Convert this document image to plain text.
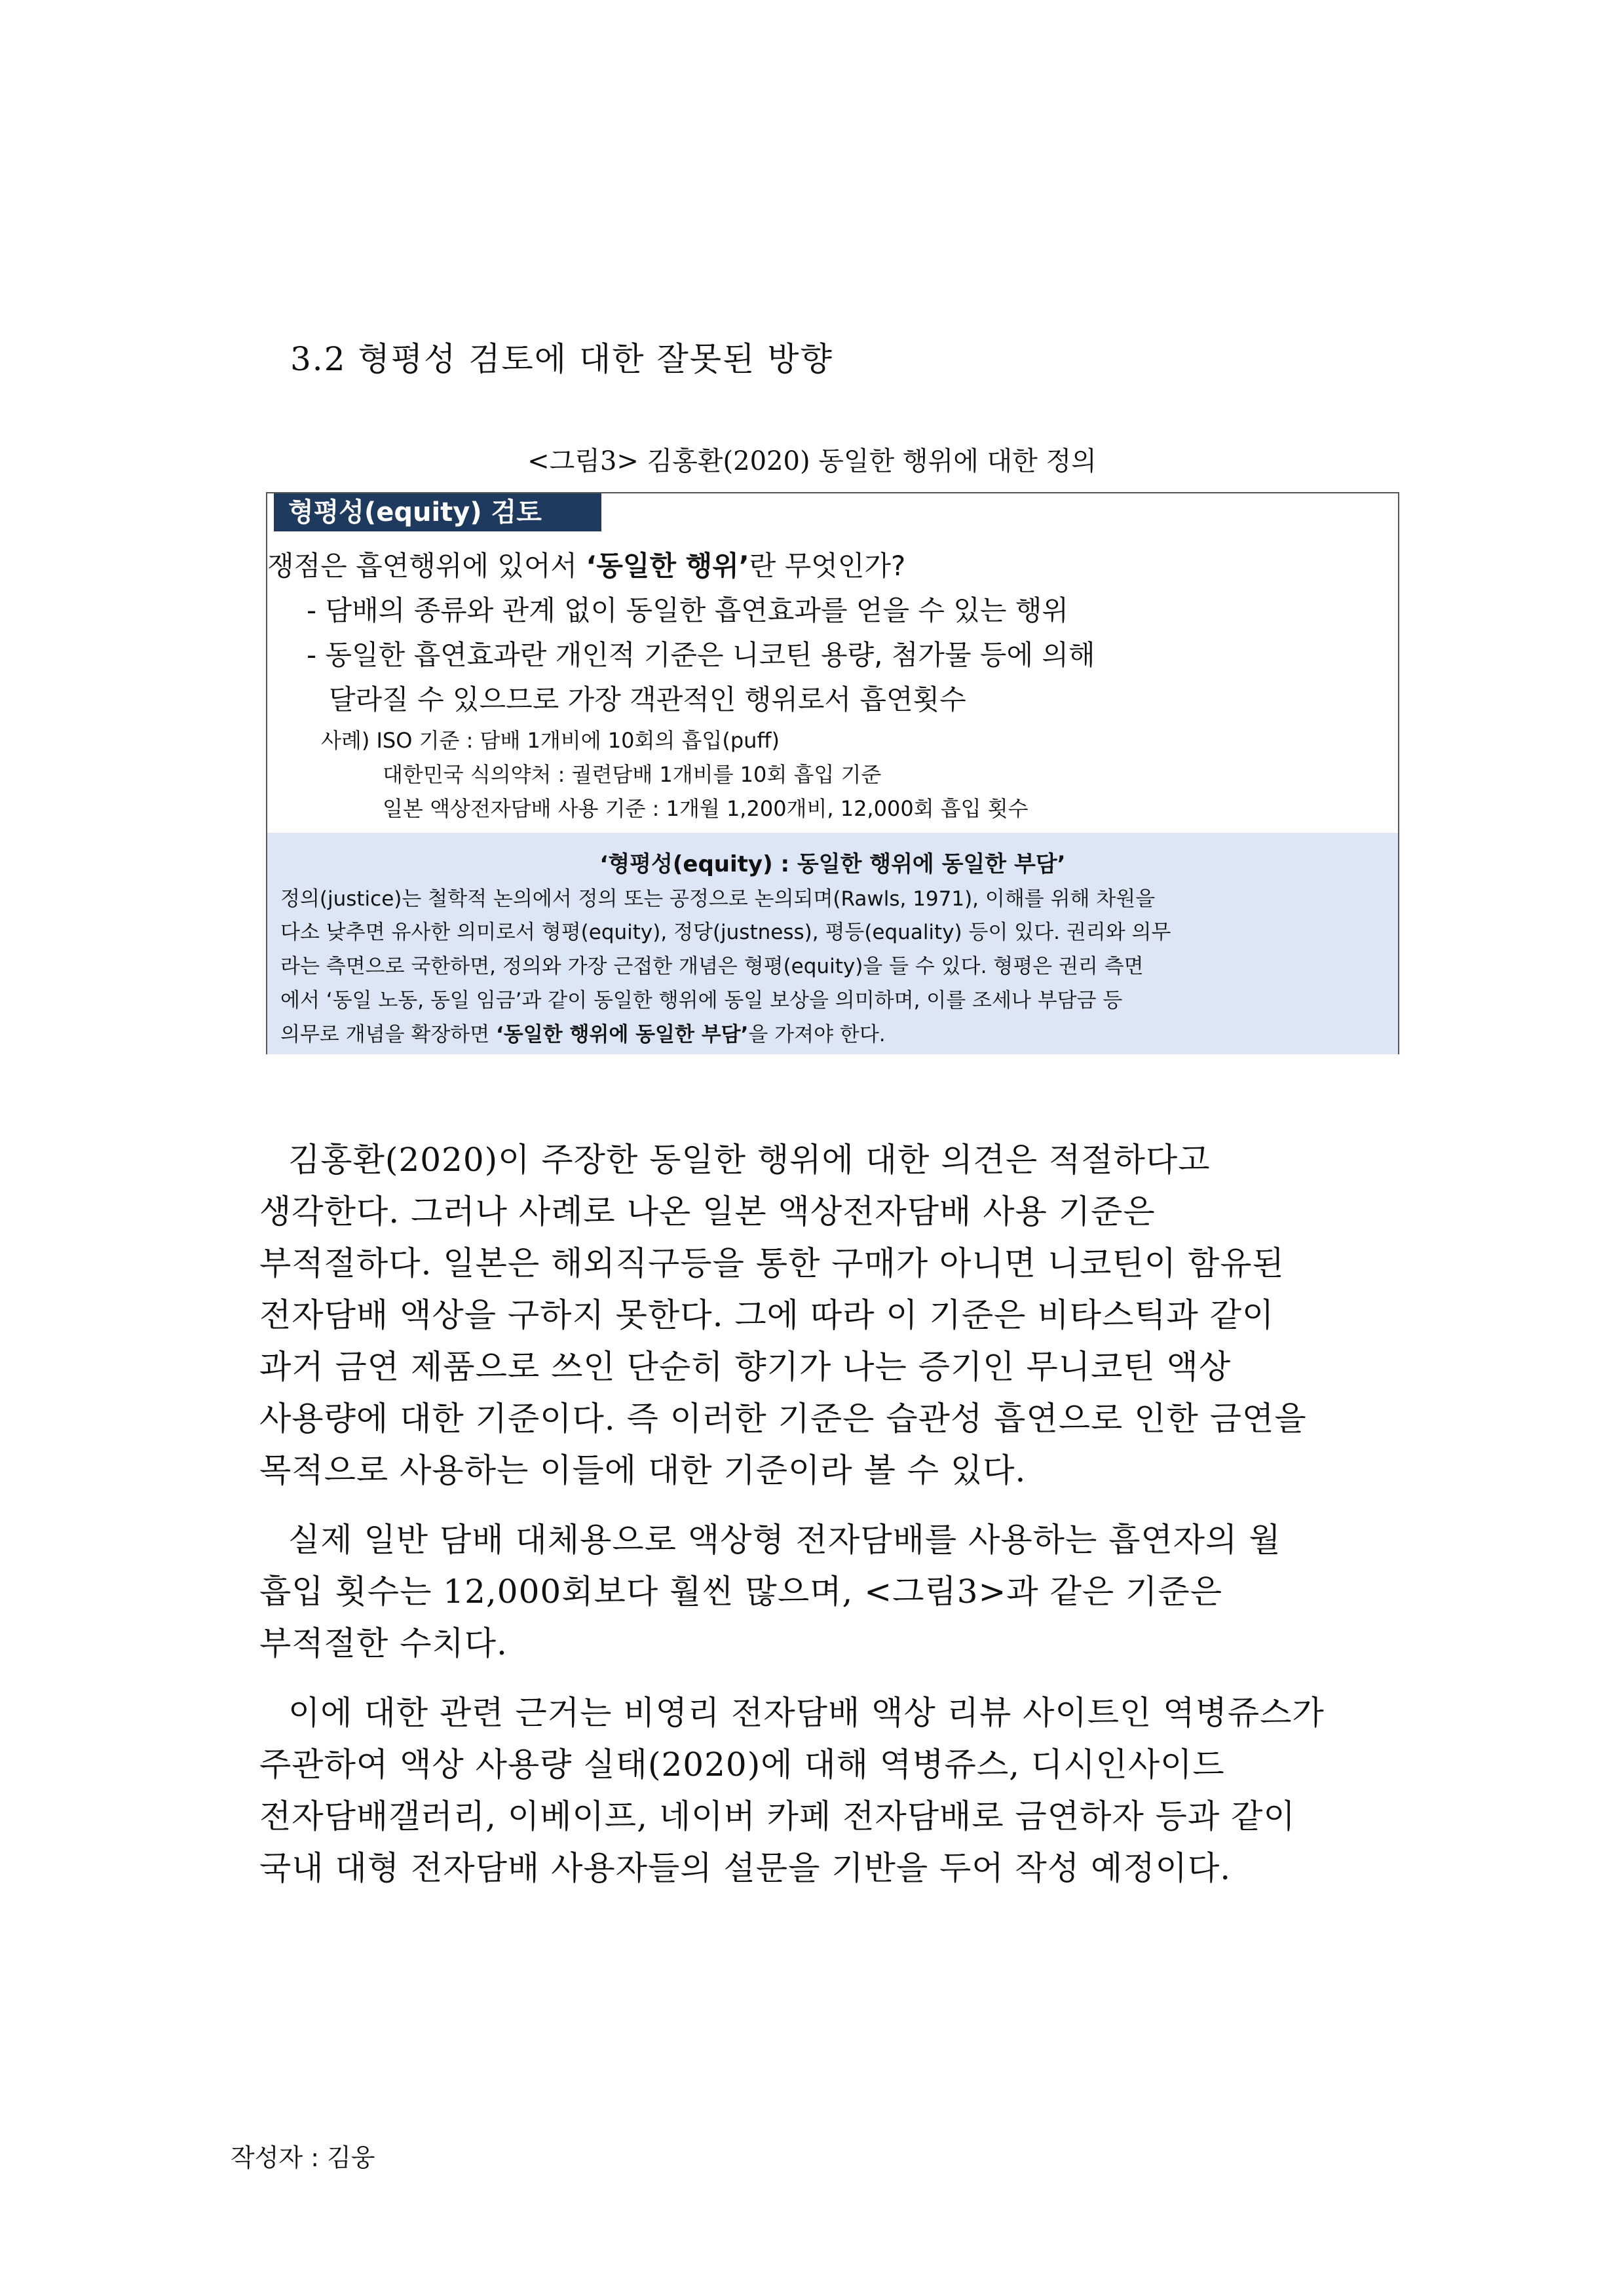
3.2 형평성 검토에 대한 잘못된 방향
<그림3> 김홍환(2020) 동일한 행위에 대한 정의
형평성(equity) 검토
쟁점은 흡연행위에 있어서 ‘동일한 행위’란 무엇인가?
- 담배의 종류와 관계 없이 동일한 흡연효과를 얻을 수 있는 행위
- 동일한 흡연효과란 개인적 기준은 니코틴 용량, 첨가물 등에 의해
달라질 수 있으므로 가장 객관적인 행위로서 흡연횟수
사례) ISO 기준 : 담배 1개비에 10회의 흡입(puff)
대한민국 식의약처 : 궐련담배 1개비를 10회 흡입 기준
일본 액상전자담배 사용 기준 : 1개월 1,200개비, 12,000회 흡입 횟수
‘형평성(equity) : 동일한 행위에 동일한 부담’
정의(justice)는 철학적 논의에서 정의 또는 공정으로 논의되며(Rawls, 1971), 이해를 위해 차원을
다소 낮추면 유사한 의미로서 형평(equity), 정당(justness), 평등(equality) 등이 있다. 권리와 의무
라는 측면으로 국한하면, 정의와 가장 근접한 개념은 형평(equity)을 들 수 있다. 형평은 권리 측면
에서 ‘동일 노동, 동일 임금’과 같이 동일한 행위에 동일 보상을 의미하며, 이를 조세나 부담금 등
의무로 개념을 확장하면 ‘동일한 행위에 동일한 부담’을 가져야 한다.
김홍환(2020)이 주장한 동일한 행위에 대한 의견은 적절하다고
생각한다. 그러나 사례로 나온 일본 액상전자담배 사용 기준은
부적절하다. 일본은 해외직구등을 통한 구매가 아니면 니코틴이 함유된
전자담배 액상을 구하지 못한다. 그에 따라 이 기준은 비타스틱과 같이
과거 금연 제품으로 쓰인 단순히 향기가 나는 증기인 무니코틴 액상
사용량에 대한 기준이다. 즉 이러한 기준은 습관성 흡연으로 인한 금연을
목적으로 사용하는 이들에 대한 기준이라 볼 수 있다.
실제 일반 담배 대체용으로 액상형 전자담배를 사용하는 흡연자의 월
흡입 횟수는 12,000회보다 훨씬 많으며, <그림3>과 같은 기준은
부적절한 수치다.
이에 대한 관련 근거는 비영리 전자담배 액상 리뷰 사이트인 역병쥬스가
주관하여 액상 사용량 실태(2020)에 대해 역병쥬스, 디시인사이드
전자담배갤러리, 이베이프, 네이버 카페 전자담배로 금연하자 등과 같이
국내 대형 전자담배 사용자들의 설문을 기반을 두어 작성 예정이다.
작성자 : 김웅
